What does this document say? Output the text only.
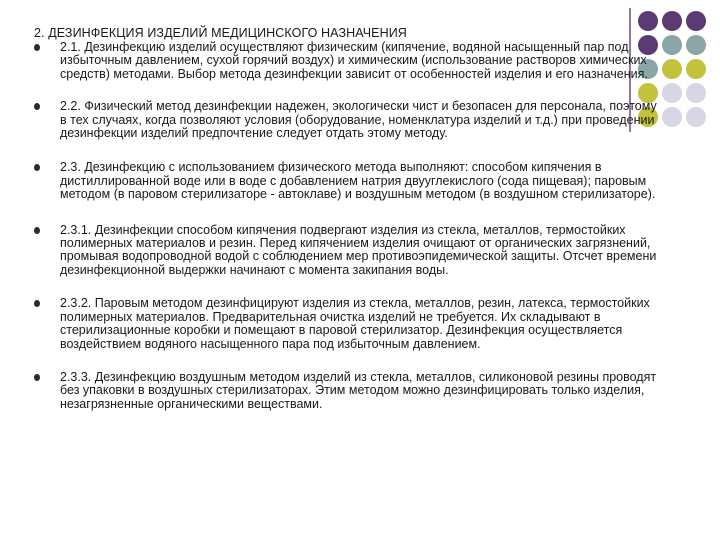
2. ДЕЗИНФЕКЦИЯ ИЗДЕЛИЙ МЕДИЦИНСКОГО НАЗНАЧЕНИЯ
2.1. Дезинфекцию изделий осуществляют физическим (кипячение, водяной насыщенный пар под избыточным давлением, сухой горячий воздух) и химическим (использование растворов химических средств) методами. Выбор метода дезинфекции зависит от особенностей изделия и его назначения.
2.2. Физический метод дезинфекции надежен, экологически чист и безопасен для персонала, поэтому в тех случаях, когда позволяют условия (оборудование, номенклатура изделий и т.д.) при проведении дезинфекции изделий предпочтение следует отдать этому методу.
2.3. Дезинфекцию с использованием физического метода выполняют: способом кипячения в дистиллированной воде или в воде с добавлением натрия двууглекислого (сода пищевая); паровым методом (в паровом стерилизаторе - автоклаве) и воздушным методом (в воздушном стерилизаторе).
2.3.1. Дезинфекции способом кипячения подвергают изделия из стекла, металлов, термостойких полимерных материалов и резин. Перед кипячением изделия очищают от органических загрязнений, промывая водопроводной водой с соблюдением мер противоэпидемической защиты. Отсчет времени дезинфекционной выдержки начинают с момента закипания воды.
2.3.2. Паровым методом дезинфицируют изделия из стекла, металлов, резин, латекса, термостойких полимерных материалов. Предварительная очистка изделий не требуется. Их складывают в стерилизационные коробки и помещают в паровой стерилизатор. Дезинфекция осуществляется воздействием водяного насыщенного пара под избыточным давлением.
2.3.3. Дезинфекцию воздушным методом изделий из стекла, металлов, силиконовой резины проводят без упаковки в воздушных стерилизаторах. Этим методом можно дезинфицировать только изделия, незагрязненные органическими веществами.
